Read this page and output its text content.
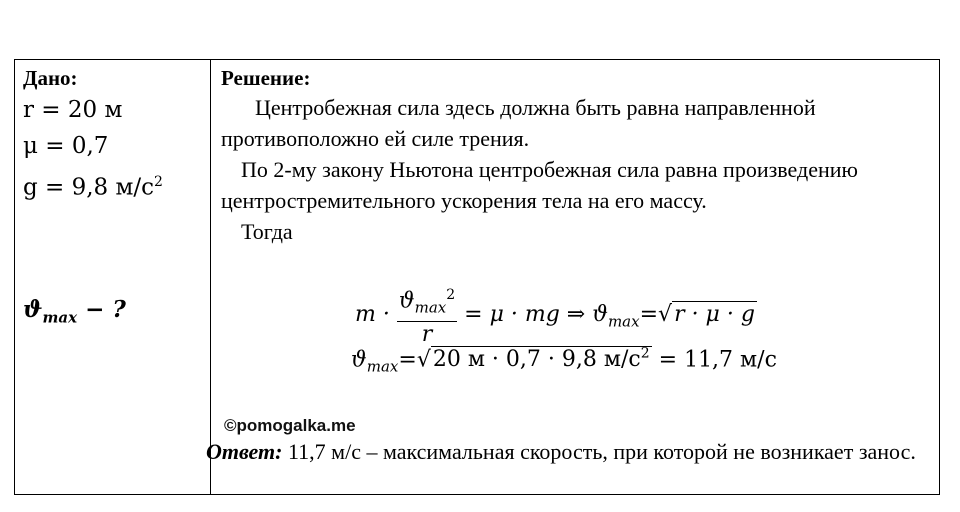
Дано:
r = 20 м
μ = 0,7
g = 9,8 $м/с^2$
$ϑ_{max}$ − ?
Решение:

Центробежная сила здесь должна быть равна направленной противоположно ей силе трения.

По 2-му закону Ньютона центробежная сила равна произведению центростремительного ускорения тела на его массу.

Тогда

$m \cdot \frac{ϑ_{max}^2}{r} = \mu$ · mg ⇒ $ϑ_{max}=√r \cdot \mu \cdot g$
$ϑ_{max}=√20$ м · 0,7 · 9,8 $м/с^2 = 11,7$ м/с
©pomogalka.me
Ответ: 11,7 м/с – максимальная скорость, при которой не возникает занос.
